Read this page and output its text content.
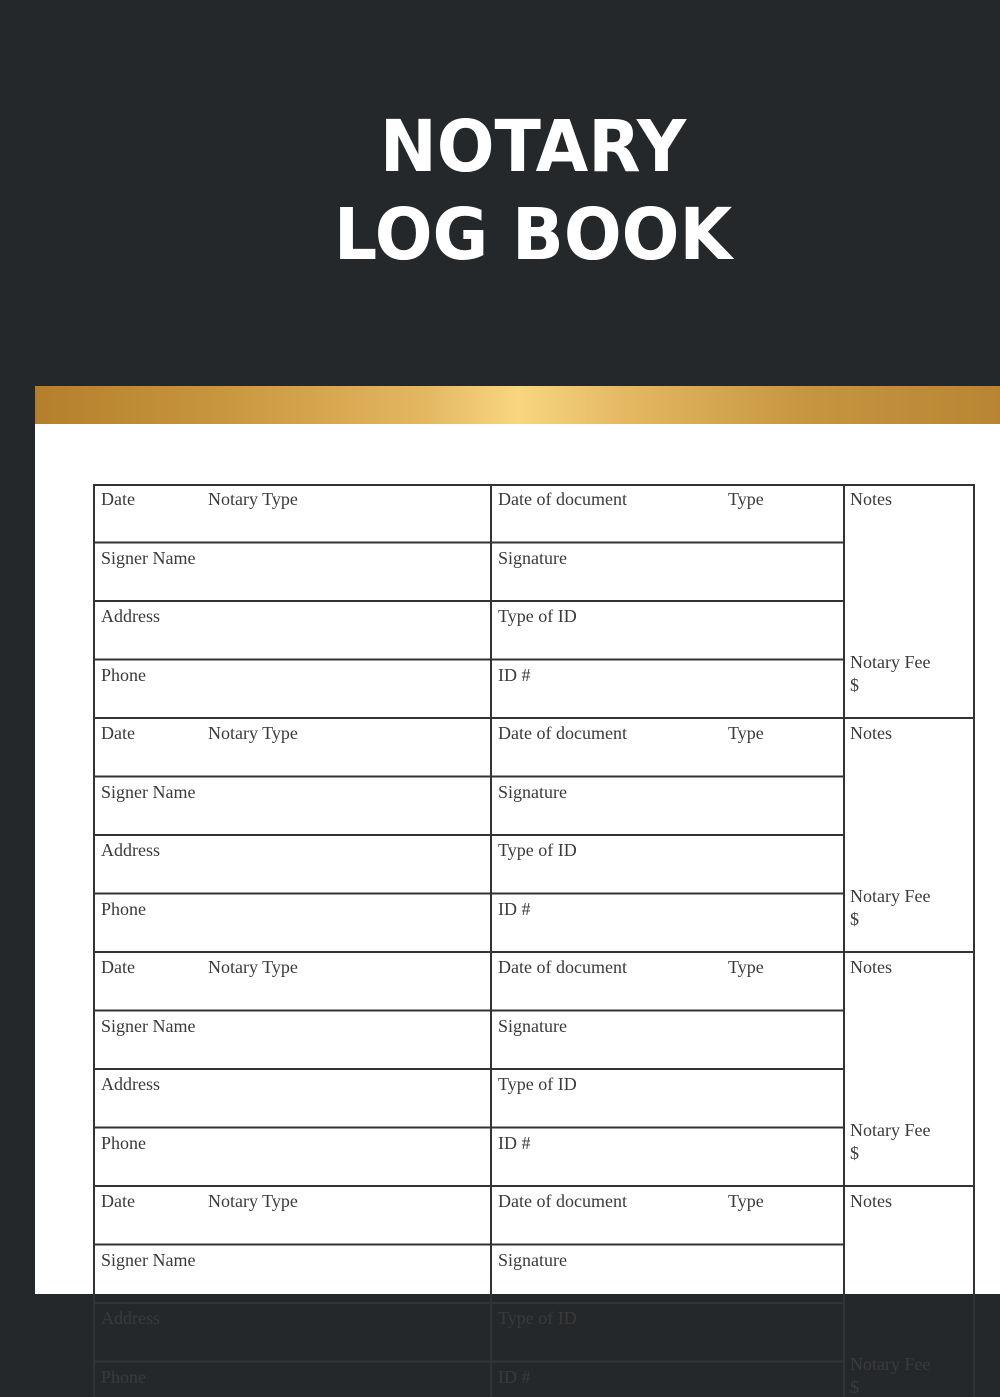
NOTARY
LOG BOOK
Date	Notary Type	Date of document	Type	Notes
Signer Name	Signature
Address	Type of ID
Phone	ID #
Notary Fee
$
Date	Notary Type	Date of document	Type	Notes
Signer Name	Signature
Address	Type of ID
Phone	ID #
Notary Fee
$
Date	Notary Type	Date of document	Type	Notes
Signer Name	Signature
Address	Type of ID
Phone	ID #
Notary Fee
$
Date	Notary Type	Date of document	Type	Notes
Signer Name	Signature
Address	Type of ID
Phone	ID #
Notary Fee
$
